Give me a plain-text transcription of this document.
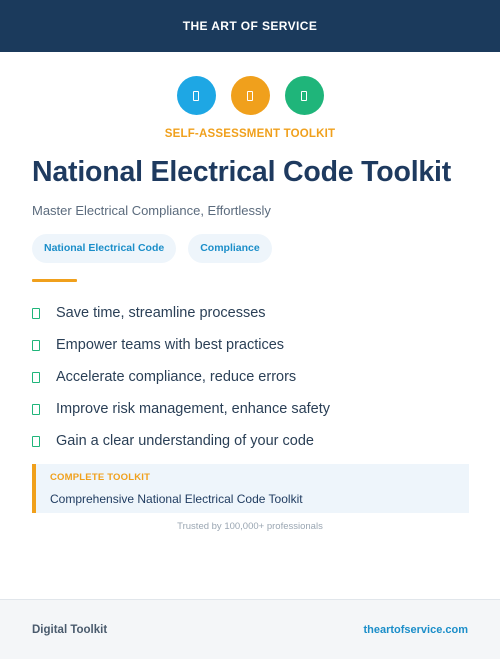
THE ART OF SERVICE
SELF-ASSESSMENT TOOLKIT
National Electrical Code Toolkit

Master Electrical Compliance, Effortlessly

National Electrical Code	Compliance
Save time, streamline processes
Empower teams with best practices
Accelerate compliance, reduce errors
Improve risk management, enhance safety
Gain a clear understanding of your code
COMPLETE TOOLKIT
Comprehensive National Electrical Code Toolkit
Trusted by 100,000+ professionals
Digital Toolkit	theartofservice.com
